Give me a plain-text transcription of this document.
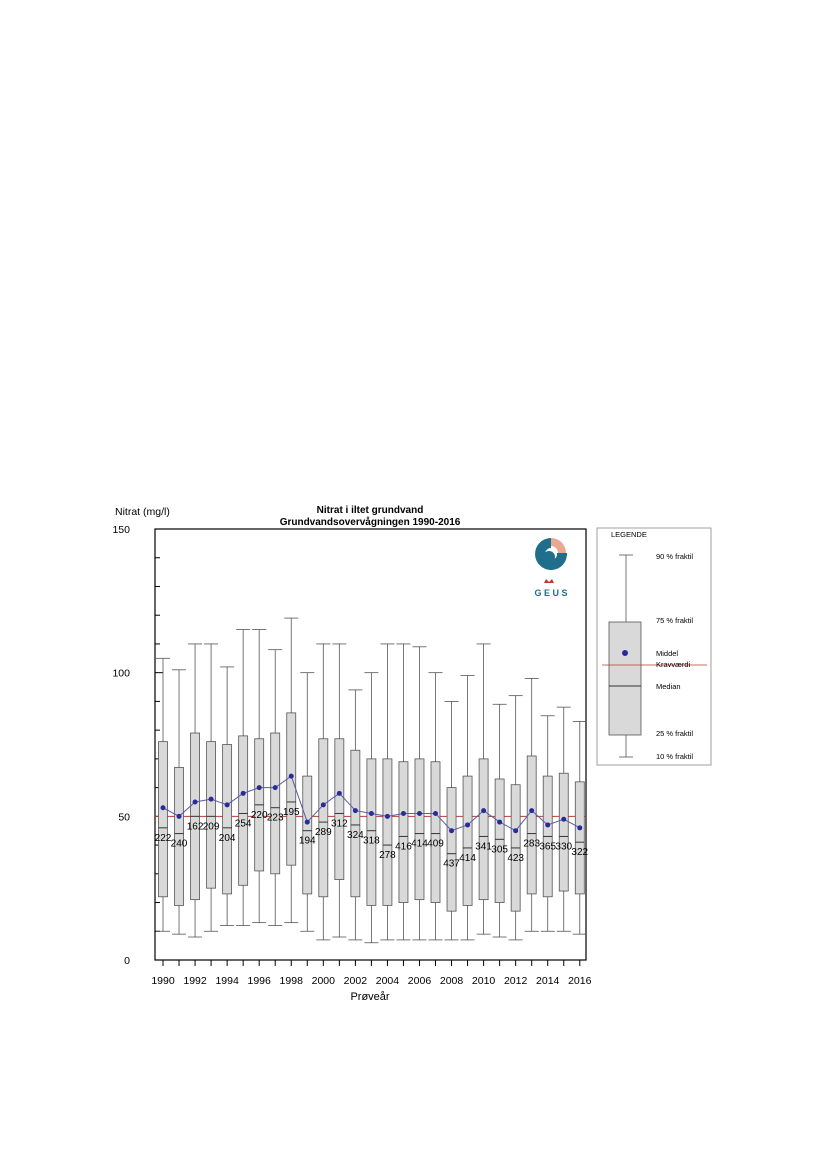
Nitrat (mg/l)	Nitrat i iltet grundvand
Grundvandsovervågningen 1990-2016
Prøveår
G E U S
LEGENDE
90 % fraktil
75 % fraktil
Middel
Kravværdi
Median
25 % fraktil
10 % fraktil
0
50
100
150
222
240
162 209
204
254
220 223
195
194
289
312
324
318
278
416 414 409
437
414
341 305
423
283 365 330
322
1990 1992 1994 1996 1998 2000 2002 2004 2006 2008 2010 2012 2014 2016
